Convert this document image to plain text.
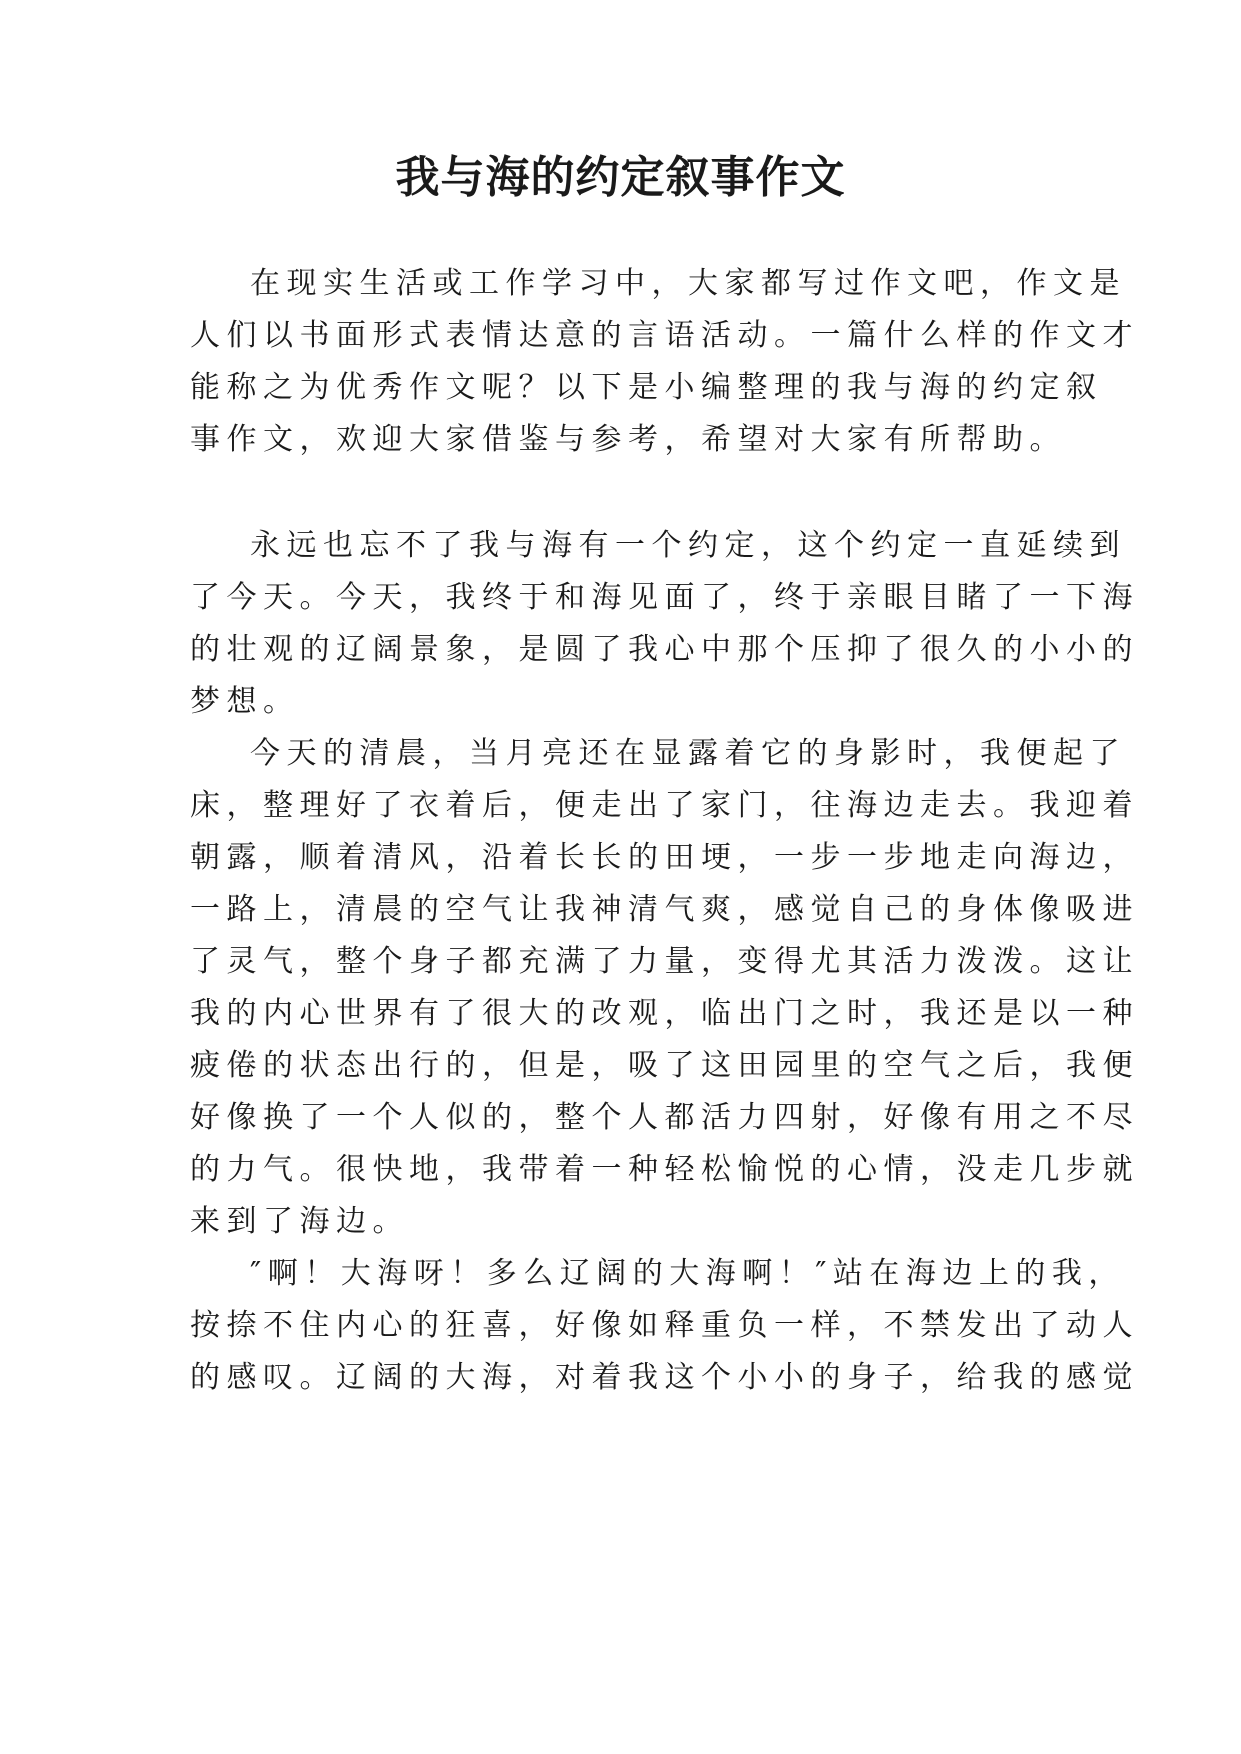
我与海的约定叙事作文

在现实生活或工作学习中，大家都写过作文吧，作文是

人们以书面形式表情达意的言语活动。一篇什么样的作文才

能称之为优秀作文呢？以下是小编整理的我与海的约定叙

事作文，欢迎大家借鉴与参考，希望对大家有所帮助。

永远也忘不了我与海有一个约定，这个约定一直延续到

了今天。今天，我终于和海见面了，终于亲眼目睹了一下海

的壮观的辽阔景象，是圆了我心中那个压抑了很久的小小的

梦想。

今天的清晨，当月亮还在显露着它的身影时，我便起了

床，整理好了衣着后，便走出了家门，往海边走去。我迎着

朝露，顺着清风，沿着长长的田埂，一步一步地走向海边，

一路上，清晨的空气让我神清气爽，感觉自己的身体像吸进

了灵气，整个身子都充满了力量，变得尤其活力泼泼。这让

我的内心世界有了很大的改观，临出门之时，我还是以一种

疲倦的状态出行的，但是，吸了这田园里的空气之后，我便

好像换了一个人似的，整个人都活力四射，好像有用之不尽

的力气。很快地，我带着一种轻松愉悦的心情，没走几步就

来到了海边。

″啊！大海呀！多么辽阔的大海啊！″站在海边上的我，

按捺不住内心的狂喜，好像如释重负一样，不禁发出了动人

的感叹。辽阔的大海，对着我这个小小的身子，给我的感觉
